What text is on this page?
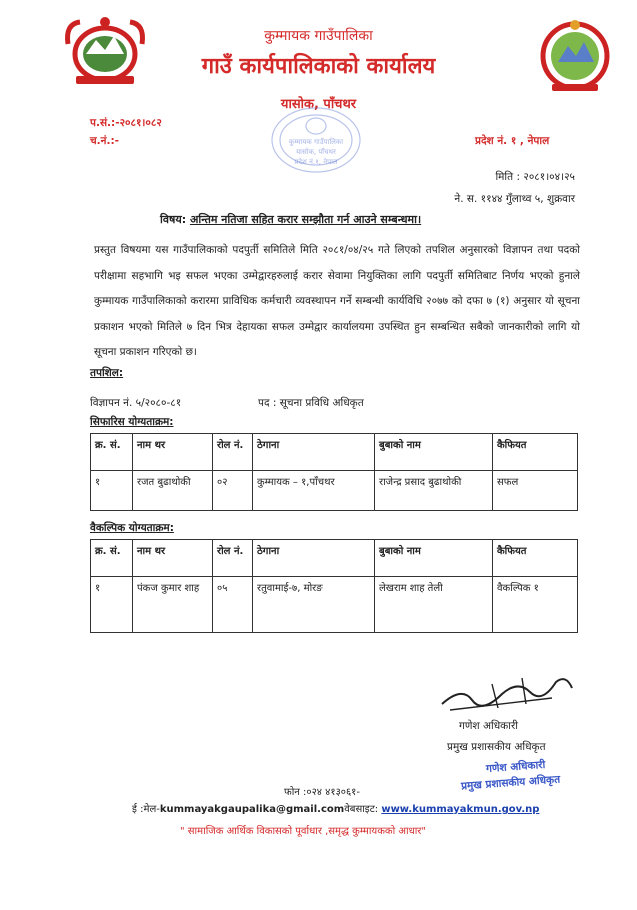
कुम्मायक गाउँपालिका
गाउँ कार्यपालिकाको कार्यालय
यासोक, पाँचथर
प.सं.:-२०८१।०८२
च.नं.:-	प्रदेश नं. १ , नेपाल
कुम्मायक गाउँपालिका
यासोक, पाँचथर
प्रदेश नं.१, नेपाल
मिति : २०८१।०४।२५
ने. स. ११४४ गुँलाथ्व ५, शुक्रवार
विषय: अन्तिम नतिजा सहित करार सम्झौता गर्न आउने सम्बन्धमा।
प्रस्तुत विषयमा यस गाउँपालिकाको पदपुर्ती समितिले मिति २०८१/०४/२५ गते लिएको तपशिल अनुसारको विज्ञापन तथा पदको परीक्षामा सहभागि भइ सफल भएका उम्मेद्वारहरुलाई करार सेवामा नियुक्तिका लागि पदपुर्ती समितिबाट निर्णय भएको हुनाले कुम्मायक गाउँपालिकाको करारमा प्राविधिक कर्मचारी व्यवस्थापन गर्ने सम्बन्धी कार्यविधि २०७७ को दफा ७ (१) अनुसार यो सूचना प्रकाशन भएको मितिले ७ दिन भित्र देहायका सफल उम्मेद्वार कार्यालयमा उपस्थित हुन सम्बन्धित सबैको जानकारीको लागि यो सूचना प्रकाशन गरिएको छ।
तपशिल:
विज्ञापन नं. ५/२०८०-८१	पद : सूचना प्रविधि अधिकृत
सिफारिस योग्यताक्रम:
क्र. सं.	नाम थर	रोल नं.	ठेगाना	बुबाको नाम	कैफियत
१	रजत बुढाथोकी	०२	कुम्मायक – १,पाँचथर	राजेन्द्र प्रसाद बुढाथोकी	सफल
वैकल्पिक योग्यताक्रम:
क्र. सं.	नाम थर	रोल नं.	ठेगाना	बुबाको नाम	कैफियत
१	पंकज कुमार शाह	०५	रतुवामाई-७, मोरङ	लेखराम शाह तेली	वैकल्पिक १
गणेश अधिकारी
प्रमुख प्रशासकीय अधिकृत
गणेश अधिकारी
प्रमुख प्रशासकीय अधिकृत
फोन :०२४ ४१३०६१-
ई :मेल-kummayakgaupalika@gmail.comवेबसाइट: www.kummayakmun.gov.np
" सामाजिक आर्थिक विकासको पूर्वाधार ,समृद्ध कुम्मायकको आधार"
